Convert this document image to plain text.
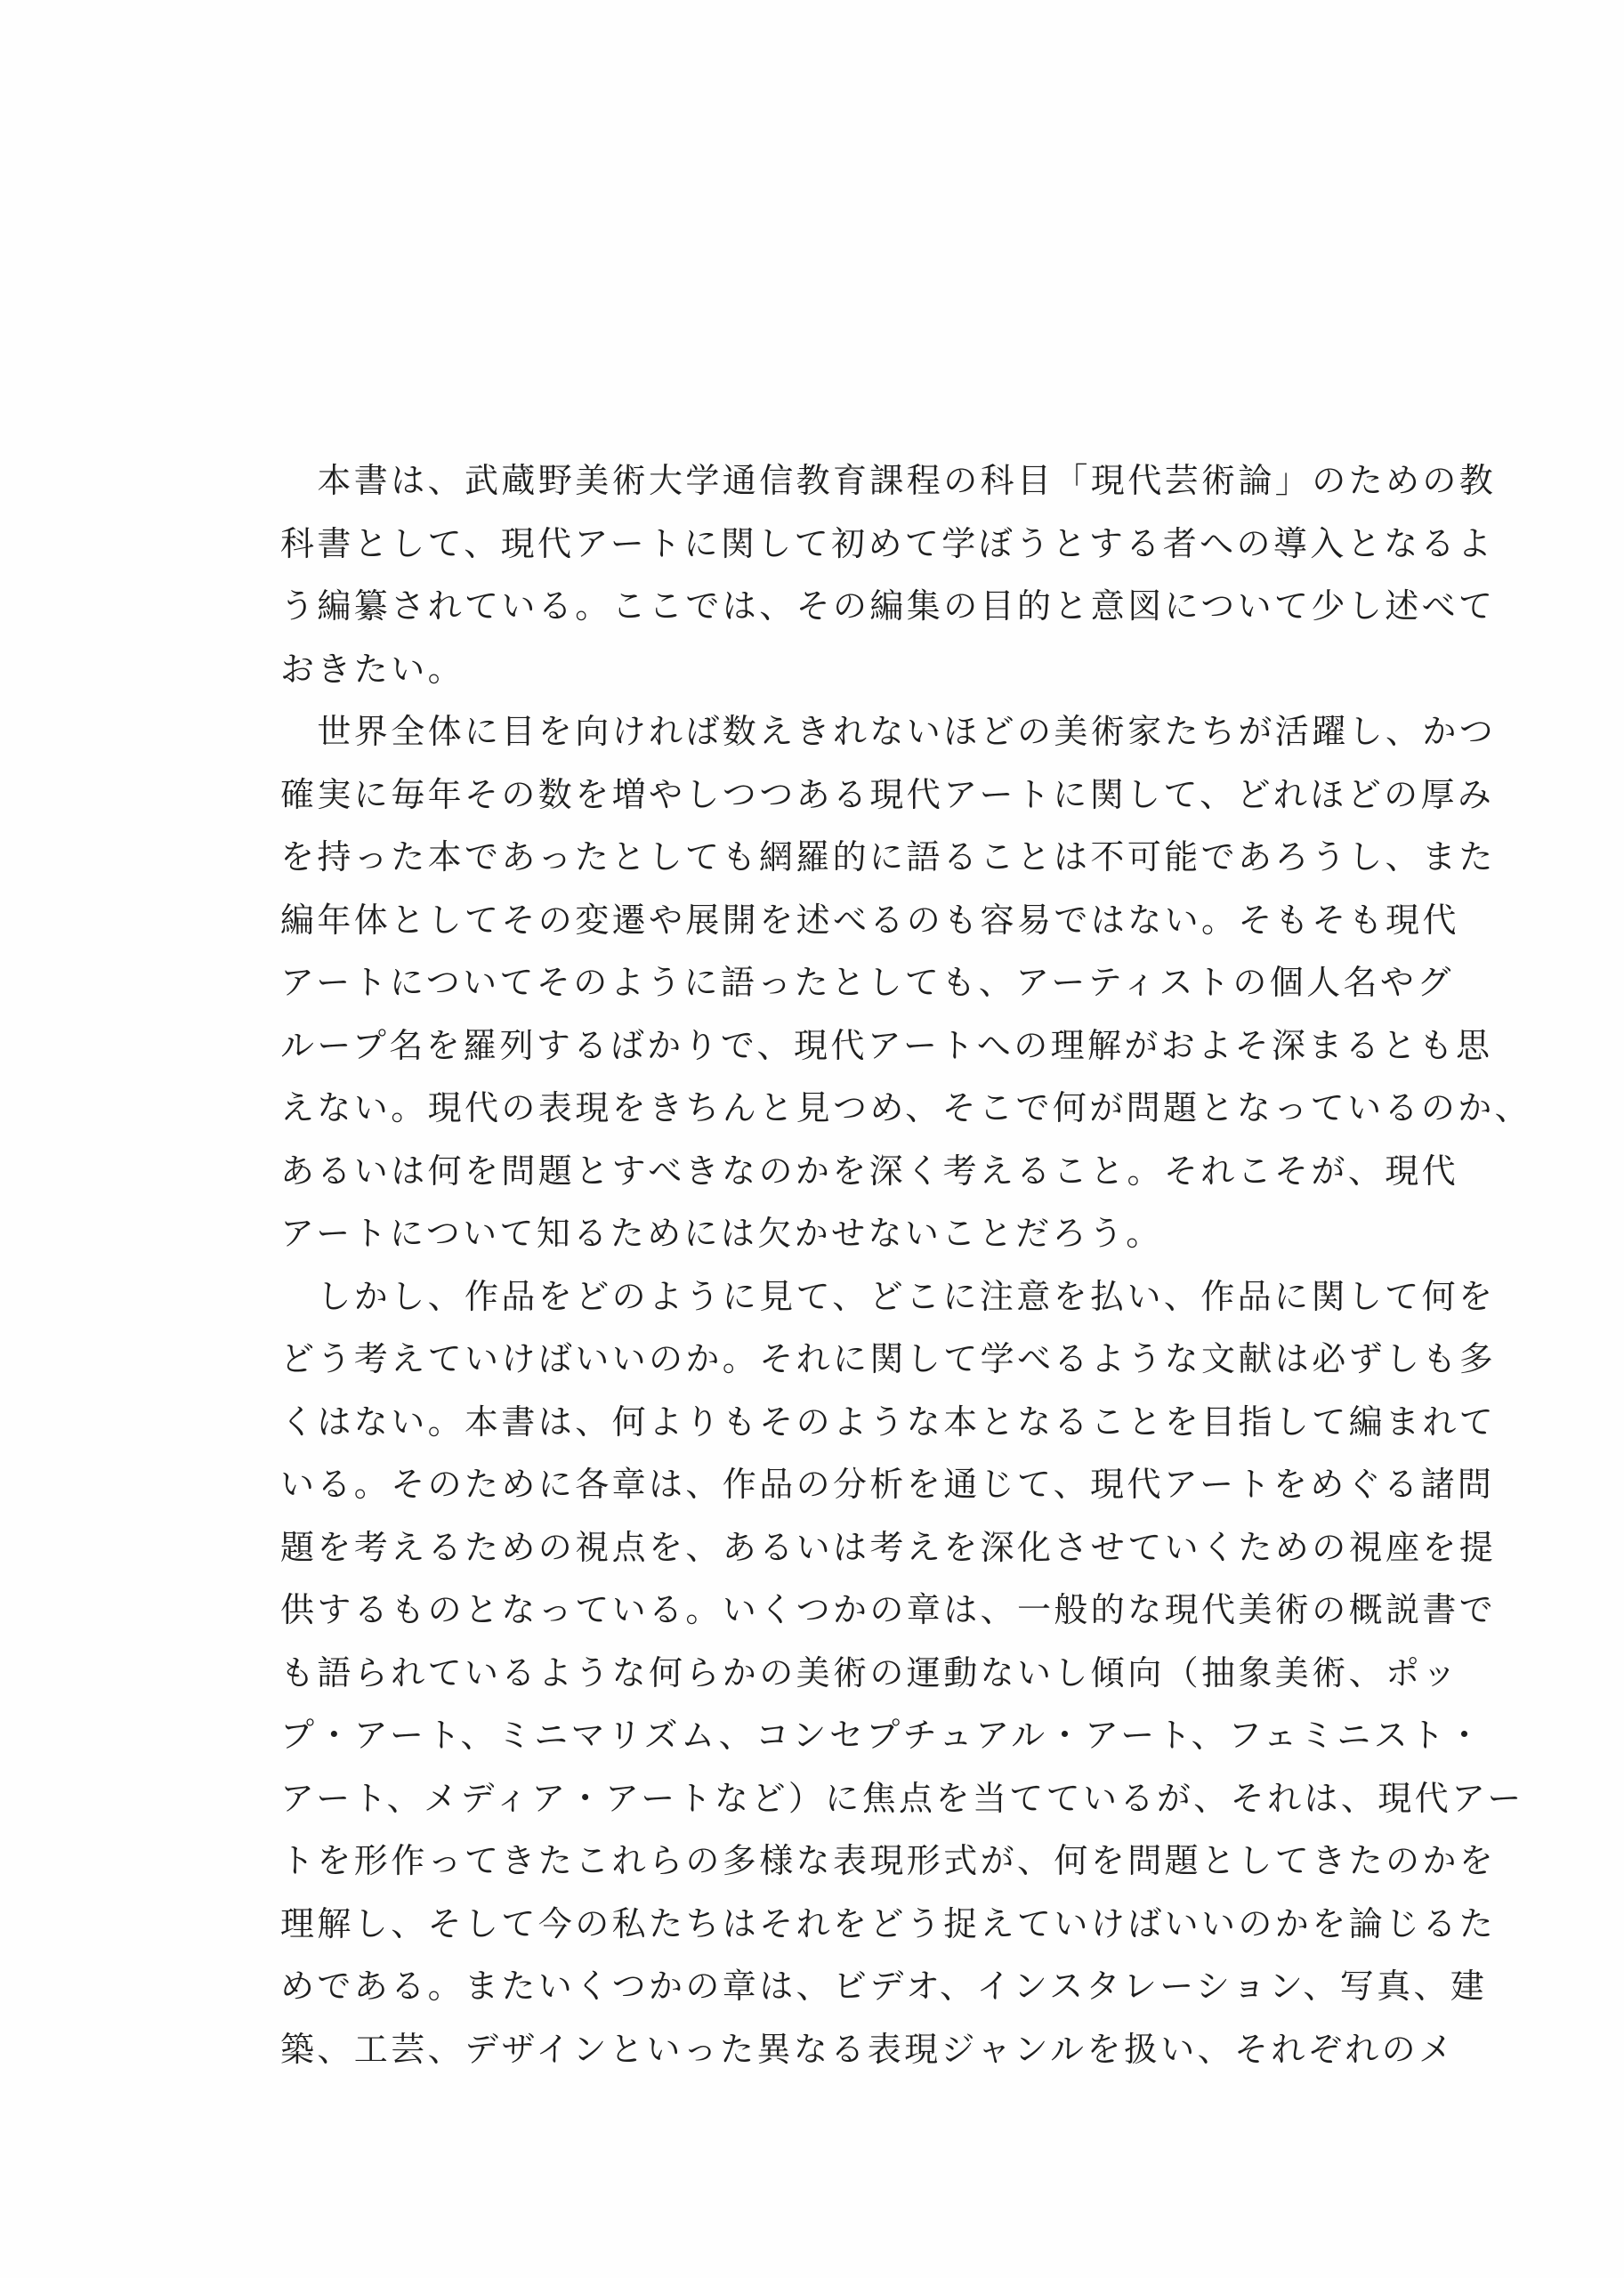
　本書は、武蔵野美術大学通信教育課程の科目「現代芸術論」のための教
科書として、現代アートに関して初めて学ぼうとする者への導入となるよ
う編纂されている。ここでは、その編集の目的と意図について少し述べて
おきたい。
　世界全体に目を向ければ数えきれないほどの美術家たちが活躍し、かつ
確実に毎年その数を増やしつつある現代アートに関して、どれほどの厚み
を持った本であったとしても網羅的に語ることは不可能であろうし、また
編年体としてその変遷や展開を述べるのも容易ではない。そもそも現代
アートについてそのように語ったとしても、アーティストの個人名やグ
ループ名を羅列するばかりで、現代アートへの理解がおよそ深まるとも思
えない。現代の表現をきちんと見つめ、そこで何が問題となっているのか、
あるいは何を問題とすべきなのかを深く考えること。それこそが、現代
アートについて知るためには欠かせないことだろう。
　しかし、作品をどのように見て、どこに注意を払い、作品に関して何を
どう考えていけばいいのか。それに関して学べるような文献は必ずしも多
くはない。本書は、何よりもそのような本となることを目指して編まれて
いる。そのために各章は、作品の分析を通じて、現代アートをめぐる諸問
題を考えるための視点を、あるいは考えを深化させていくための視座を提
供するものとなっている。いくつかの章は、一般的な現代美術の概説書で
も語られているような何らかの美術の運動ないし傾向（抽象美術、ポッ
プ・アート、ミニマリズム、コンセプチュアル・アート、フェミニスト・
アート、メディア・アートなど）に焦点を当てているが、それは、現代アー
トを形作ってきたこれらの多様な表現形式が、何を問題としてきたのかを
理解し、そして今の私たちはそれをどう捉えていけばいいのかを論じるた
めである。またいくつかの章は、ビデオ、インスタレーション、写真、建
築、工芸、デザインといった異なる表現ジャンルを扱い、それぞれのメ
